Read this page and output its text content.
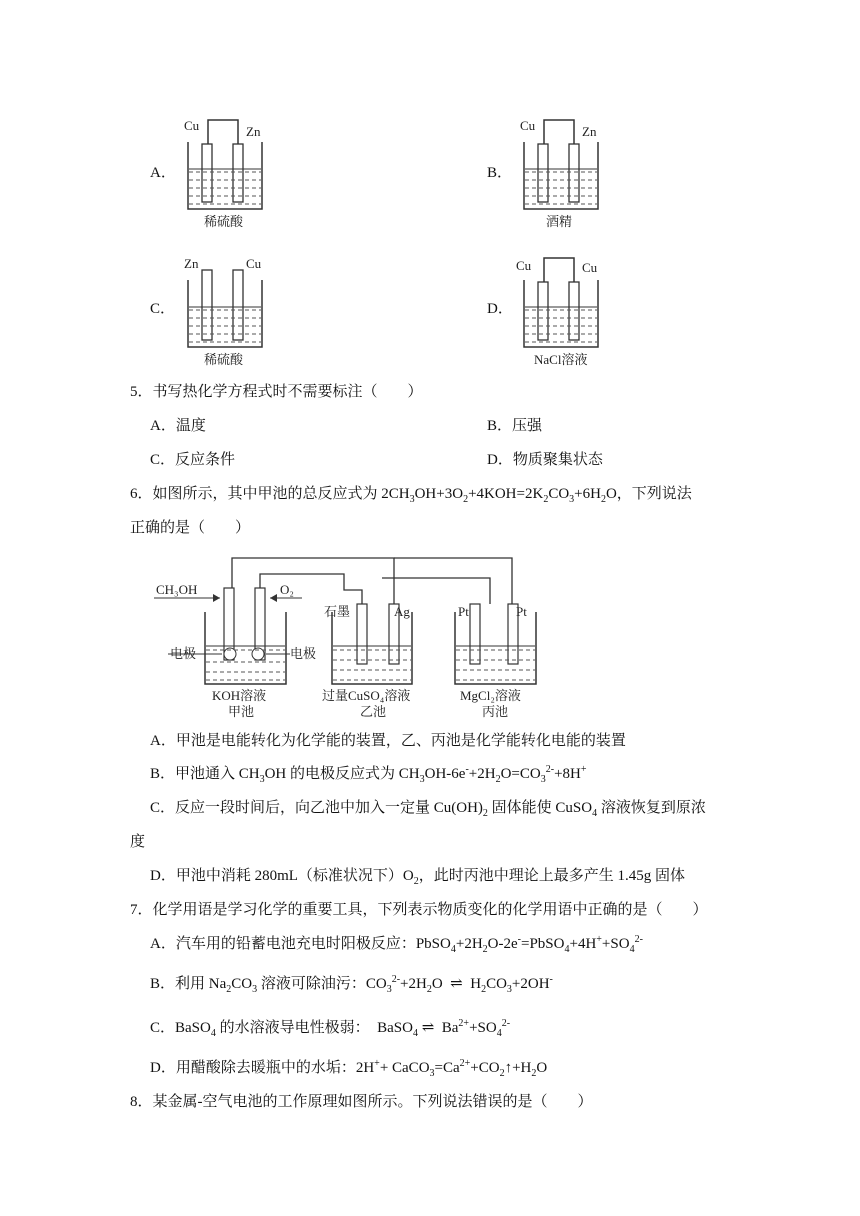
A．	B．
C．	D．
Cu	Zn
稀硫酸
Cu	Zn
酒精
Zn	Cu
稀硫酸
Cu	Cu
NaCl溶液
5．书写热化学方程式时不需要标注（　　）
A．温度	B．压强
C．反应条件	D．物质聚集状态
6．如图所示，其中甲池的总反应式为 $2CH_3OH+3O_2+4KOH=2K_2CO_3+6H_2O$，下列说法
正确的是（　　）
CH₃OH	O₂
电极	电极
石墨	Ag	Pt	Pt
KOH溶液
甲池
过量CuSO₄溶液
乙池
MgCl₂溶液
丙池
A．甲池是电能转化为化学能的装置，乙、丙池是化学能转化电能的装置
B．甲池通入 $CH_3OH$ 的电极反应式为 $CH_3OH-6e^-+2H_2O=CO_3^{2-}+8H^+$
C．反应一段时间后，向乙池中加入一定量 $Cu(OH)_2$ 固体能使 CuSO$_4$ 溶液恢复到原浓
度
D．甲池中消耗 280mL（标准状况下）$O_2$，此时丙池中理论上最多产生 1.45g 固体
7．化学用语是学习化学的重要工具，下列表示物质变化的化学用语中正确的是（　　）
A．汽车用的铅蓄电池充电时阳极反应：$PbSO_4+2H_2O-2e^-=PbSO_4+4H^++SO_4^{2-}$
B．利用 $Na_2CO_3$ 溶液可除油污：$CO_3^{2-}+2H_2O$  ⇌  $H_2CO_3+2OH^-$
C．BaSO$_4$ 的水溶液导电性极弱：  BaSO$_4$ ⇌  $Ba^{2+}+SO_4^{2-}$
D．用醋酸除去暖瓶中的水垢：$2H^++ CaCO_3=Ca^{2+}+CO_2↑+H_2O$
8．某金属-空气电池的工作原理如图所示。下列说法错误的是（　　）
